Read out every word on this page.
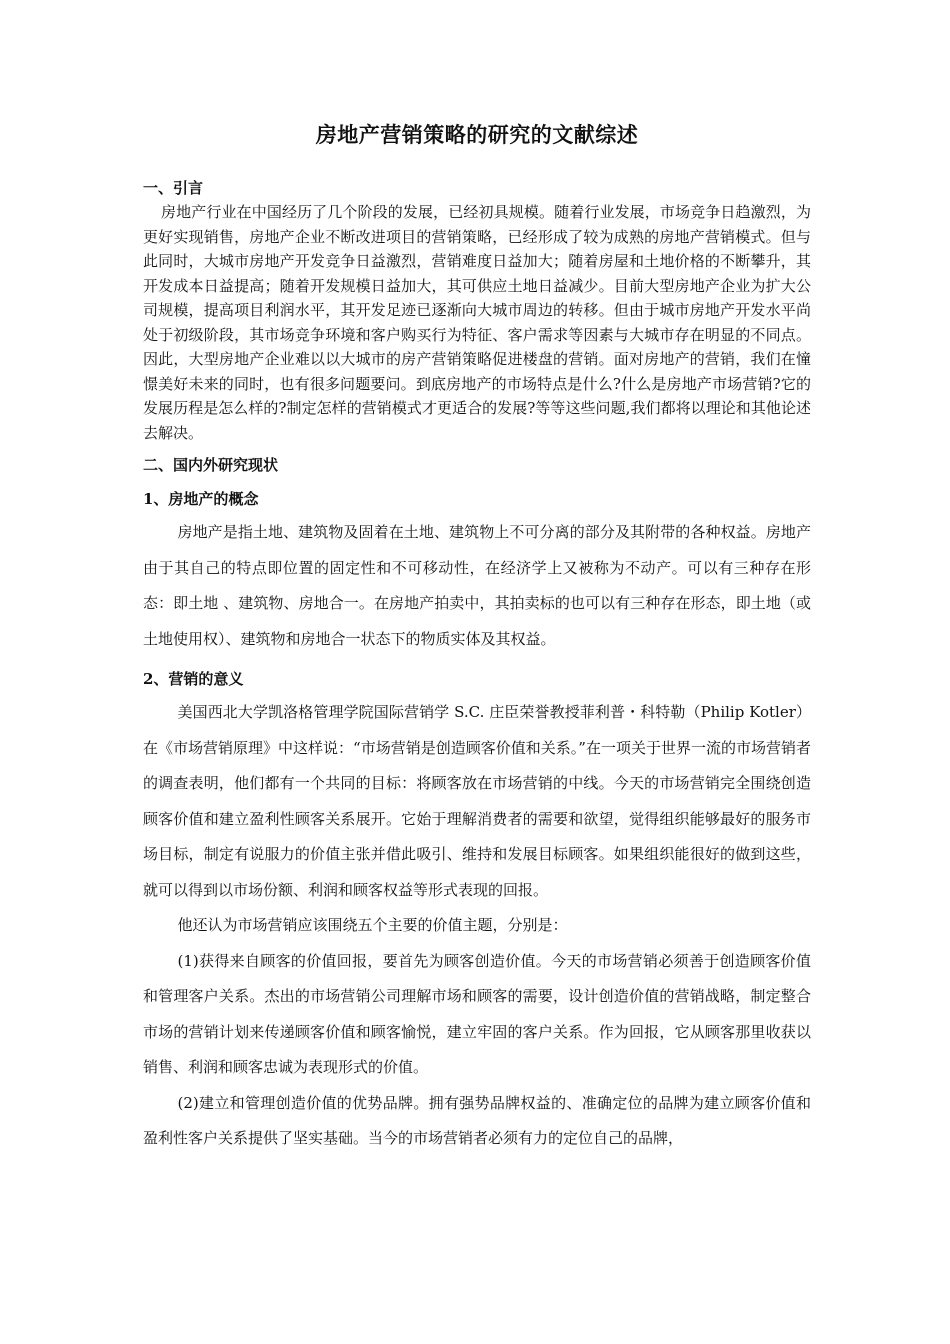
房地产营销策略的研究的文献综述
一、引言

房地产行业在中国经历了几个阶段的发展，已经初具规模。随着行业发展，市场竞争日趋激烈，为更好实现销售，房地产企业不断改进项目的营销策略，已经形成了较为成熟的房地产营销模式。但与此同时，大城市房地产开发竞争日益激烈，营销难度日益加大；随着房屋和土地价格的不断攀升，其开发成本日益提高；随着开发规模日益加大，其可供应土地日益减少。目前大型房地产企业为扩大公司规模，提高项目利润水平，其开发足迹已逐渐向大城市周边的转移。但由于城市房地产开发水平尚处于初级阶段，其市场竞争环境和客户购买行为特征、客户需求等因素与大城市存在明显的不同点。因此，大型房地产企业难以以大城市的房产营销策略促进楼盘的营销。面对房地产的营销，我们在憧憬美好未来的同时，也有很多问题要问。到底房地产的市场特点是什么?什么是房地产市场营销?它的发展历程是怎么样的?制定怎样的营销模式才更适合的发展?等等这些问题,我们都将以理论和其他论述去解决。

二、国内外研究现状
1、房地产的概念

房地产是指土地、建筑物及固着在土地、建筑物上不可分离的部分及其附带的各种权益。房地产由于其自己的特点即位置的固定性和不可移动性，在经济学上又被称为不动产。可以有三种存在形态：即土地 、建筑物、房地合一。在房地产拍卖中，其拍卖标的也可以有三种存在形态，即土地（或土地使用权）、建筑物和房地合一状态下的物质实体及其权益。

2、营销的意义

美国西北大学凯洛格管理学院国际营销学 S.C. 庄臣荣誉教授菲利普・科特勒（Philip Kotler）在《市场营销原理》中这样说：“市场营销是创造顾客价值和关系。”在一项关于世界一流的市场营销者的调查表明，他们都有一个共同的目标：将顾客放在市场营销的中线。今天的市场营销完全围绕创造顾客价值和建立盈利性顾客关系展开。它始于理解消费者的需要和欲望，觉得组织能够最好的服务市场目标，制定有说服力的价值主张并借此吸引、维持和发展目标顾客。如果组织能很好的做到这些，就可以得到以市场份额、利润和顾客权益等形式表现的回报。

他还认为市场营销应该围绕五个主要的价值主题，分别是：

(1)获得来自顾客的价值回报，要首先为顾客创造价值。今天的市场营销必须善于创造顾客价值和管理客户关系。杰出的市场营销公司理解市场和顾客的需要，设计创造价值的营销战略，制定整合市场的营销计划来传递顾客价值和顾客愉悦，建立牢固的客户关系。作为回报，它从顾客那里收获以销售、利润和顾客忠诚为表现形式的价值。

(2)建立和管理创造价值的优势品牌。拥有强势品牌权益的、准确定位的品牌为建立顾客价值和盈利性客户关系提供了坚实基础。当今的市场营销者必须有力的定位自己的品牌，
